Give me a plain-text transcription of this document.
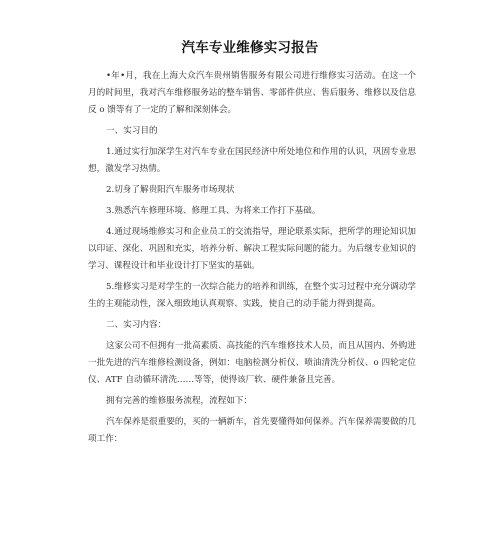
汽车专业维修实习报告

•年•月，我在上海大众汽车贵州销售服务有限公司进行维修实习活动。在这一个月的时间里，我对汽车维修服务站的整车销售、零部件供应、售后服务、维修以及信息反 o 馈等有了一定的了解和深刻体会。

一、实习目的

1.通过实行加深学生对汽车专业在国民经济中所处地位和作用的认识，巩固专业思想，激发学习热情。

2.切身了解贵阳汽车服务市场现状

3.熟悉汽车修理环境、修理工具、为将来工作打下基础。

4.通过现场维修实习和企业员工的交流指导，理论联系实际，把所学的理论知识加以印证、深化、巩固和充实，培养分析、解决工程实际问题的能力。为后继专业知识的学习、课程设计和毕业设计打下坚实的基础。

5.维修实习是对学生的一次综合能力的培养和训练，在整个实习过程中充分调动学生的主观能动性，深入细致地认真观察、实践，使自己的动手能力得到提高。

二、实习内容：

这家公司不但拥有一批高素质、高技能的汽车维修技术人员，而且从国内、外购进一批先进的汽车维修检测设备，例如：电脑检测分析仪、喷油清洗分析仪、o 四轮定位仪、ATF 自动循环清洗……等等，使得该厂软、硬件兼备且完善。

拥有完善的维修服务流程，流程如下：

汽车保养是很重要的，买的一辆新车，首先要懂得如何保养。汽车保养需要做的几项工作：
